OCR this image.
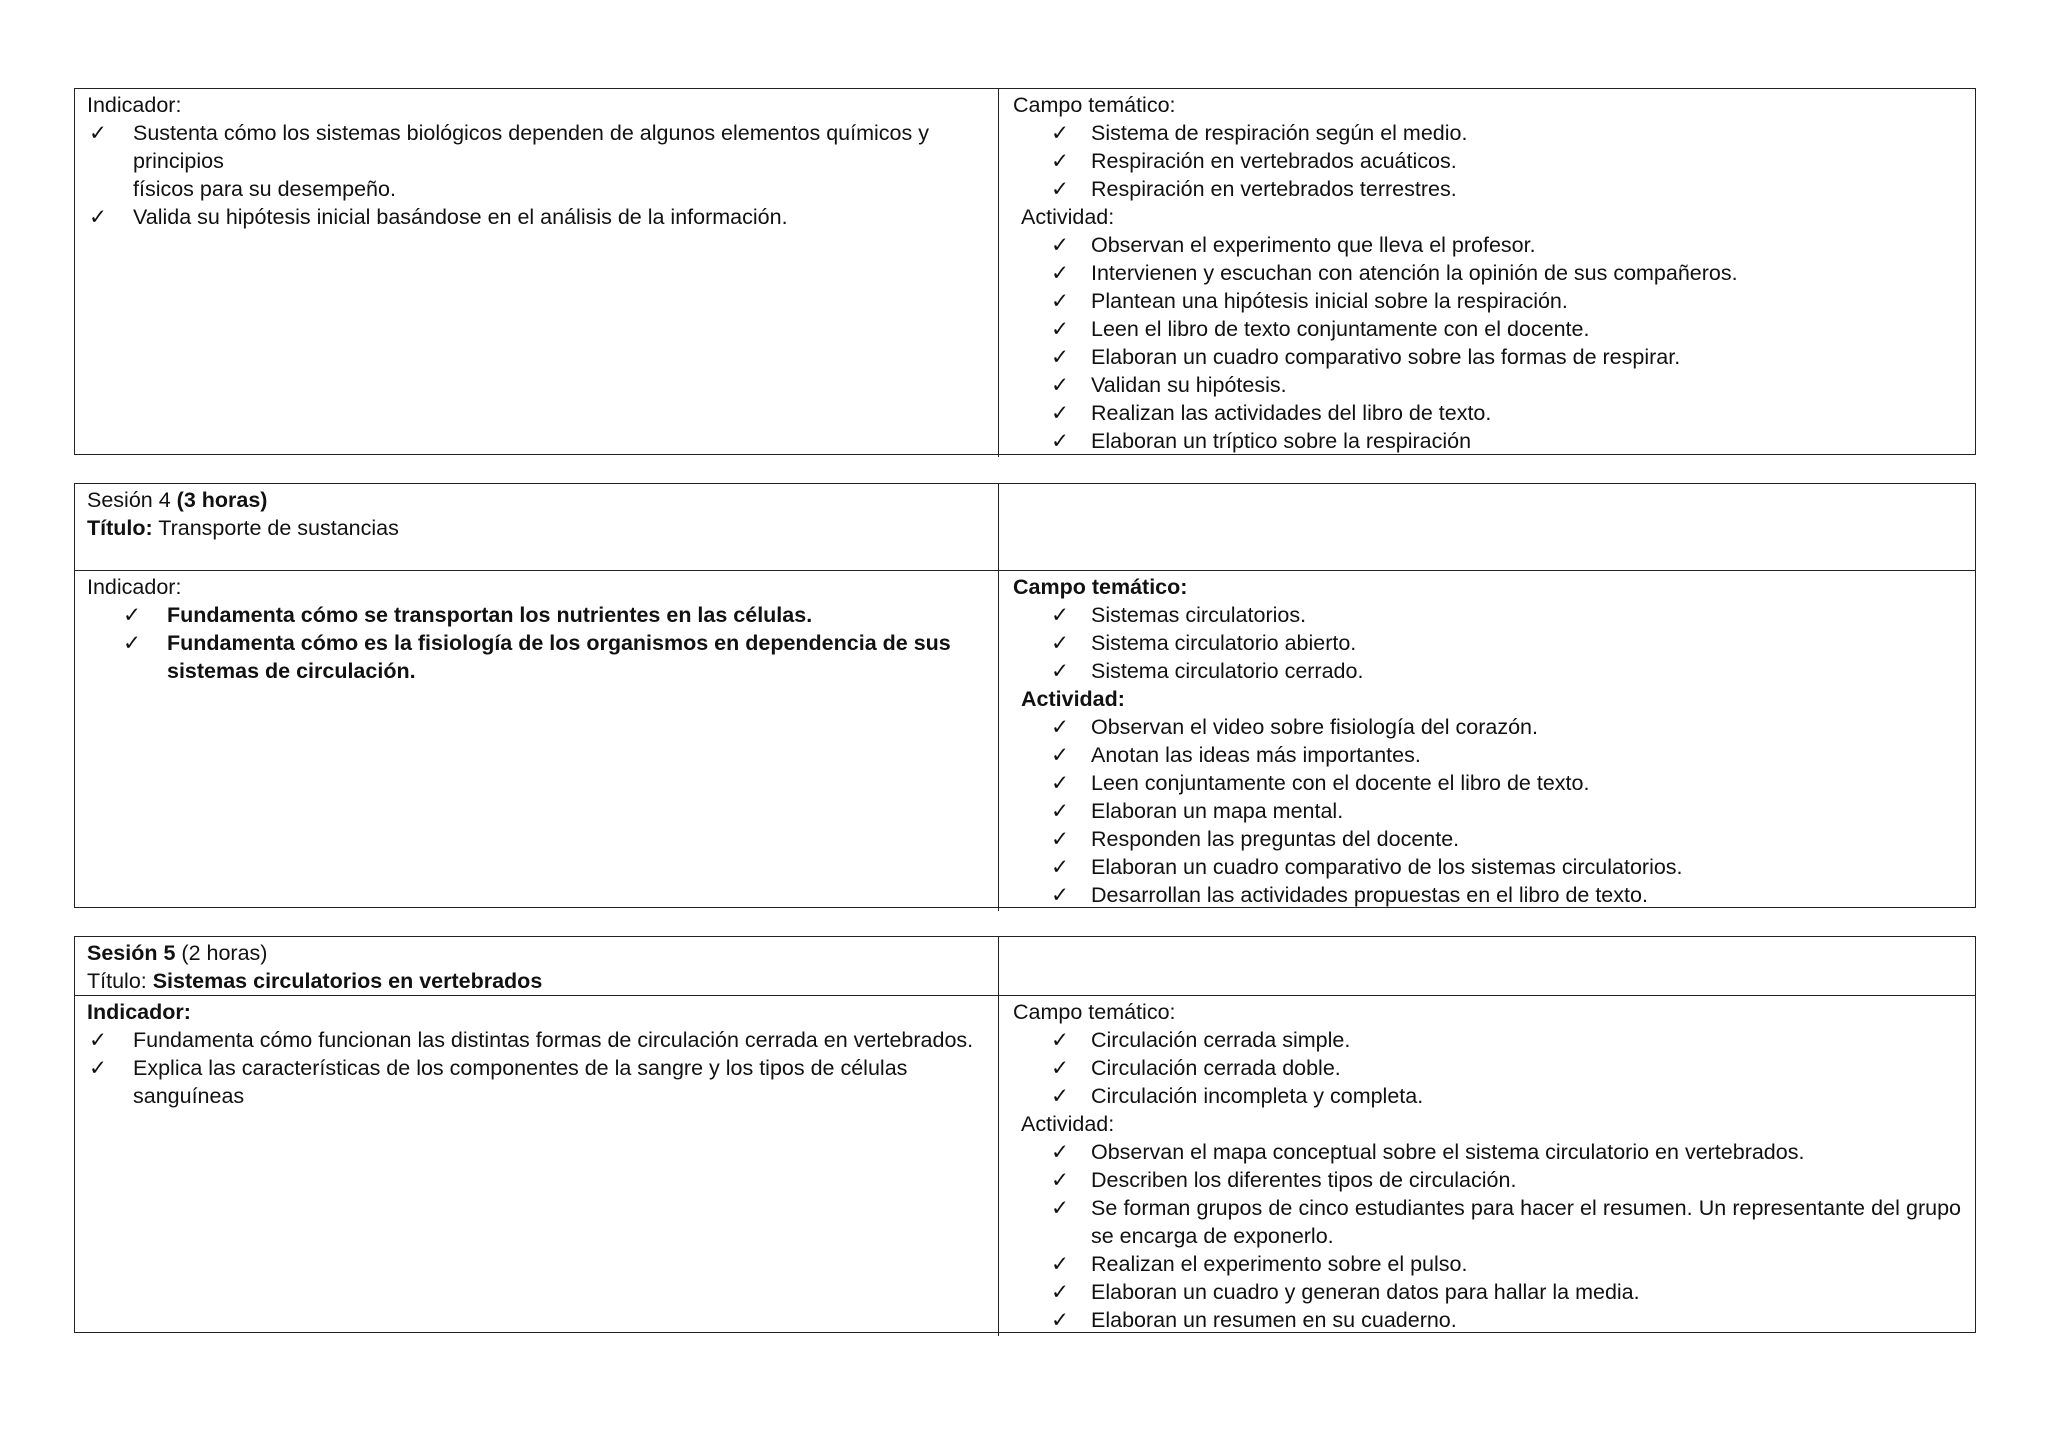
Indicador:
✓ Sustenta cómo los sistemas biológicos dependen de algunos elementos químicos y principios
físicos para su desempeño.
✓ Valida su hipótesis inicial basándose en el análisis de la información.
Campo temático:
✓ Sistema de respiración según el medio.
✓ Respiración en vertebrados acuáticos.
✓ Respiración en vertebrados terrestres.
Actividad:
✓ Observan el experimento que lleva el profesor.
✓ Intervienen y escuchan con atención la opinión de sus compañeros.
✓ Plantean una hipótesis inicial sobre la respiración.
✓ Leen el libro de texto conjuntamente con el docente.
✓ Elaboran un cuadro comparativo sobre las formas de respirar.
✓ Validan su hipótesis.
✓ Realizan las actividades del libro de texto.
✓ Elaboran un tríptico sobre la respiración
Sesión 4 (3 horas)
Título: Transporte de sustancias
Indicador:
✓ Fundamenta cómo se transportan los nutrientes en las células.
✓ Fundamenta cómo es la fisiología de los organismos en dependencia de sus
sistemas de circulación.
Campo temático:
✓ Sistemas circulatorios.
✓ Sistema circulatorio abierto.
✓ Sistema circulatorio cerrado.
Actividad:
✓ Observan el video sobre fisiología del corazón.
✓ Anotan las ideas más importantes.
✓ Leen conjuntamente con el docente el libro de texto.
✓ Elaboran un mapa mental.
✓ Responden las preguntas del docente.
✓ Elaboran un cuadro comparativo de los sistemas circulatorios.
✓ Desarrollan las actividades propuestas en el libro de texto.
Sesión 5 (2 horas)
Título: Sistemas circulatorios en vertebrados
Indicador:
✓ Fundamenta cómo funcionan las distintas formas de circulación cerrada en vertebrados.
✓ Explica las características de los componentes de la sangre y los tipos de células sanguíneas
Campo temático:
✓ Circulación cerrada simple.
✓ Circulación cerrada doble.
✓ Circulación incompleta y completa.
Actividad:
✓ Observan el mapa conceptual sobre el sistema circulatorio en vertebrados.
✓ Describen los diferentes tipos de circulación.
✓ Se forman grupos de cinco estudiantes para hacer el resumen. Un representante del grupo se encarga de exponerlo.
✓ Realizan el experimento sobre el pulso.
✓ Elaboran un cuadro y generan datos para hallar la media.
✓ Elaboran un resumen en su cuaderno.
